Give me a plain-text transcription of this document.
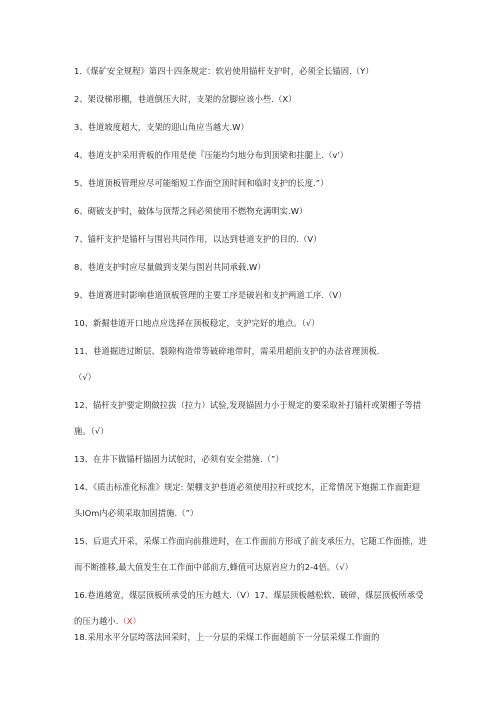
1.《煤矿安全规程》第四十四条规定：软岩使用锚杆支护时，必须全长锚固.（Y）
2、架设梯形棚，巷道倒压大时，支架的岔脚应该小些.（X）
3、巷道坡度超大，支架的迎山角应当越大.W）
4、巷道支护采用背板的作用是使『压能均匀地分布到顶梁和拄腿上.（v'）
5、巷道顶板管理应尽可能缩短工作面空顶时间和临时支护的长度.”）
6、砌破支护时，破体与顶帮之间必须使用不燃物充满明实.W）
7、锚杆支护是锚杆与围岩共同作用，以达到巷道支护的目的.（V）
8、巷道支护时应尽量做到支架与围岩共同承载.W）
9、巷道赛进时影响巷道顶板管理的主要工序是破岩和支护两道工序.（V）
10、新掘巷道开口地点应选择在顶板稳定，支护完好的地点。（√）
11、巷道掘进过断层、裂隙构造带等破碎地带时，需采用超前支护的办法省理顶板.
（√）
12、锚杆支护要定期做拉拔（拉力）试验,发现锚固力小于规定的要采取补打锚杆或架棚子等措
施。（√）
13、在井下做锚杆锚固力试鸵时，必须有安全措施.（”）
14、《质击标准化标准》规定: 架棚支护巷道必须使用拉杆或挖木，正常情况下炮掘工作面距迎
头lOm内必须采取加固措施.（”）
15、后退式开采，采煤工作面向前推进时，在工作面前方形成了前支承压力，它随工作面推，进
而不断推移,最大值发生在工作面中部前方,蜂值可达原岩应力的2-4倍。（√）
16.巷道越宽，煤层顶板所承受的压力越大.（V）17、煤层顶板越松软、破碎，煤层顶板所承受
的压力越小.（X）
18.采用水平分层垮落法回采时，上一分层的采煤工作面超前下一分层采煤工作面的
